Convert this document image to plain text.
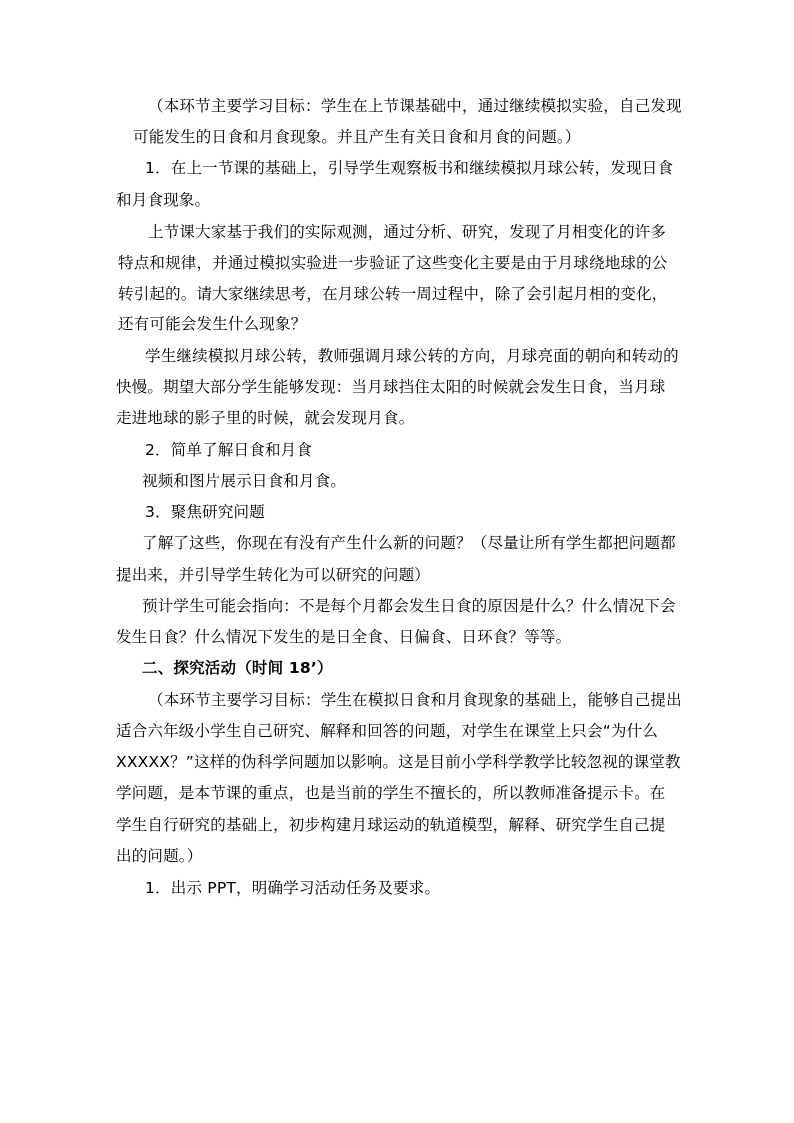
（本环节主要学习目标：学生在上节课基础中，通过继续模拟实验，自己发现
可能发生的日食和月食现象。并且产生有关日食和月食的问题。）
1．在上一节课的基础上，引导学生观察板书和继续模拟月球公转，发现日食
和月食现象。
上节课大家基于我们的实际观测，通过分析、研究，发现了月相变化的许多
特点和规律，并通过模拟实验进一步验证了这些变化主要是由于月球绕地球的公
转引起的。请大家继续思考，在月球公转一周过程中，除了会引起月相的变化，
还有可能会发生什么现象？
学生继续模拟月球公转，教师强调月球公转的方向，月球亮面的朝向和转动的
快慢。期望大部分学生能够发现：当月球挡住太阳的时候就会发生日食，当月球
走进地球的影子里的时候，就会发现月食。
2．简单了解日食和月食
视频和图片展示日食和月食。
3．聚焦研究问题
了解了这些，你现在有没有产生什么新的问题？（尽量让所有学生都把问题都
提出来，并引导学生转化为可以研究的问题）
预计学生可能会指向：不是每个月都会发生日食的原因是什么？什么情况下会
发生日食？什么情况下发生的是日全食、日偏食、日环食？等等。
二、探究活动（时间 18’）
（本环节主要学习目标：学生在模拟日食和月食现象的基础上，能够自己提出
适合六年级小学生自己研究、解释和回答的问题，对学生在课堂上只会“为什么
XXXXX？”这样的伪科学问题加以影响。这是目前小学科学教学比较忽视的课堂教
学问题，是本节课的重点，也是当前的学生不擅长的，所以教师准备提示卡。在
学生自行研究的基础上，初步构建月球运动的轨道模型，解释、研究学生自己提
出的问题。）
1．出示 PPT，明确学习活动任务及要求。
